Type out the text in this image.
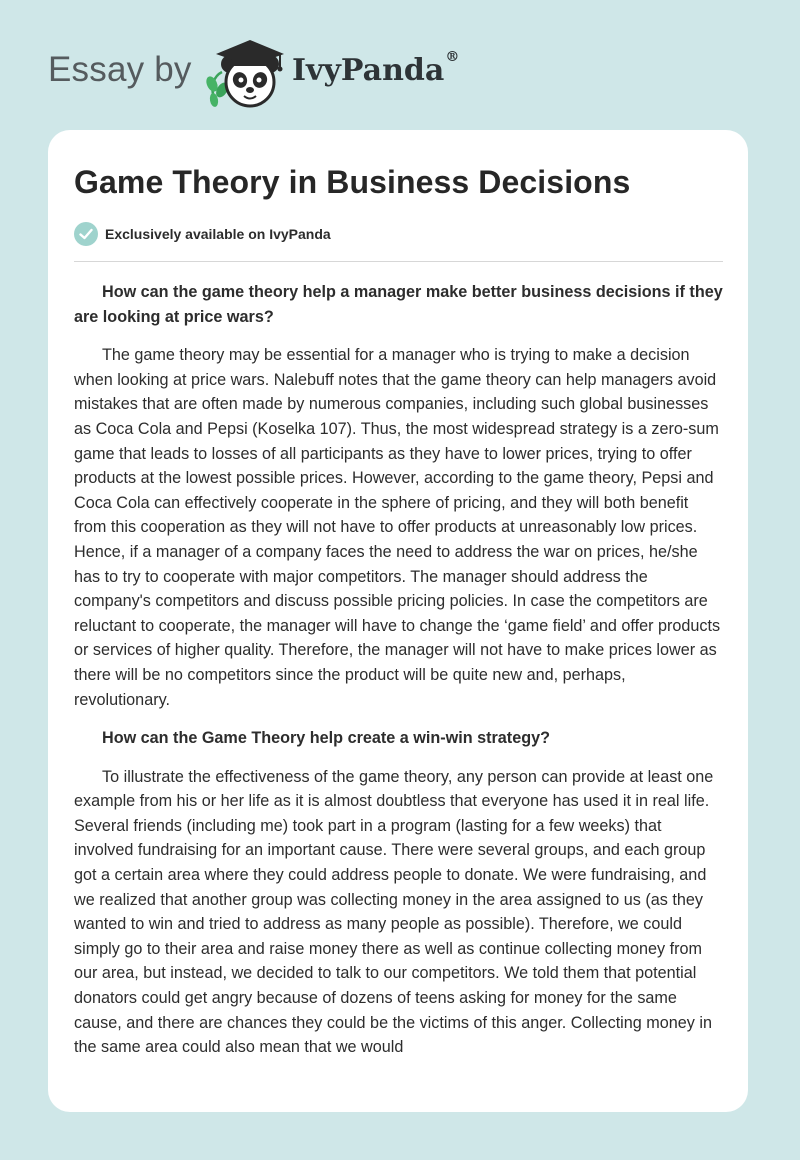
Essay by	IvyPanda®
Game Theory in Business Decisions
Exclusively available on IvyPanda

How can the game theory help a manager make better business decisions if they are looking at price wars?

The game theory may be essential for a manager who is trying to make a decision when looking at price wars. Nalebuff notes that the game theory can help managers avoid mistakes that are often made by numerous companies, including such global businesses as Coca Cola and Pepsi (Koselka 107). Thus, the most widespread strategy is a zero-sum game that leads to losses of all participants as they have to lower prices, trying to offer products at the lowest possible prices. However, according to the game theory, Pepsi and Coca Cola can effectively cooperate in the sphere of pricing, and they will both benefit from this cooperation as they will not have to offer products at unreasonably low prices. Hence, if a manager of a company faces the need to address the war on prices, he/she has to try to cooperate with major competitors. The manager should address the company's competitors and discuss possible pricing policies. In case the competitors are reluctant to cooperate, the manager will have to change the ‘game field’ and offer products or services of higher quality. Therefore, the manager will not have to make prices lower as there will be no competitors since the product will be quite new and, perhaps, revolutionary.

How can the Game Theory help create a win-win strategy?

To illustrate the effectiveness of the game theory, any person can provide at least one example from his or her life as it is almost doubtless that everyone has used it in real life. Several friends (including me) took part in a program (lasting for a few weeks) that involved fundraising for an important cause. There were several groups, and each group got a certain area where they could address people to donate. We were fundraising, and we realized that another group was collecting money in the area assigned to us (as they wanted to win and tried to address as many people as possible). Therefore, we could simply go to their area and raise money there as well as continue collecting money from our area, but instead, we decided to talk to our competitors. We told them that potential donators could get angry because of dozens of teens asking for money for the same cause, and there are chances they could be the victims of this anger. Collecting money in the same area could also mean that we would
